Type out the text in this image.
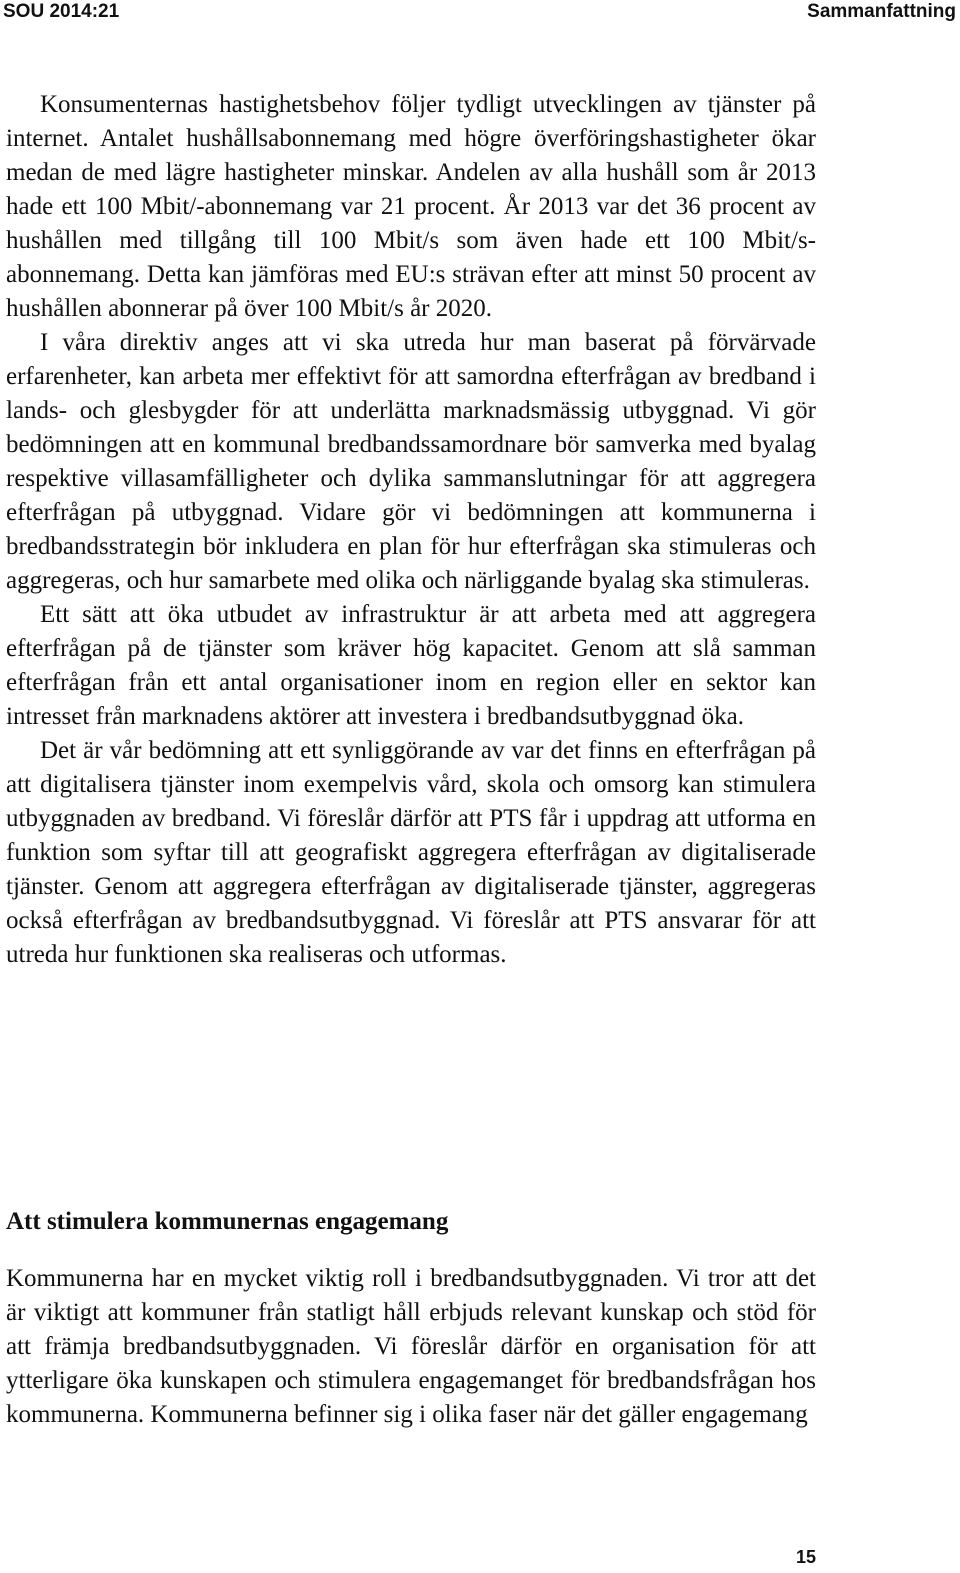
SOU 2014:21	Sammanfattning

Konsumenternas hastighetsbehov följer tydligt utvecklingen av tjänster på internet. Antalet hushållsabonnemang med högre överföringshastigheter ökar medan de med lägre hastigheter minskar. Andelen av alla hushåll som år 2013 hade ett 100 Mbit/-abonnemang var 21 procent. År 2013 var det 36 procent av hushållen med tillgång till 100 Mbit/s som även hade ett 100 Mbit/s-abonnemang. Detta kan jämföras med EU:s strävan efter att minst 50 procent av hushållen abonnerar på över 100 Mbit/s år 2020.

I våra direktiv anges att vi ska utreda hur man baserat på förvärvade erfarenheter, kan arbeta mer effektivt för att samordna efterfrågan av bredband i lands- och glesbygder för att underlätta marknadsmässig utbyggnad. Vi gör bedömningen att en kommunal bredbandssamordnare bör samverka med byalag respektive villasamfälligheter och dylika sammanslutningar för att aggregera efterfrågan på utbyggnad. Vidare gör vi bedömningen att kommunerna i bredbandsstrategin bör inkludera en plan för hur efterfrågan ska stimuleras och aggregeras, och hur samarbete med olika och närliggande byalag ska stimuleras.

Ett sätt att öka utbudet av infrastruktur är att arbeta med att aggregera efterfrågan på de tjänster som kräver hög kapacitet. Genom att slå samman efterfrågan från ett antal organisationer inom en region eller en sektor kan intresset från marknadens aktörer att investera i bredbandsutbyggnad öka.

Det är vår bedömning att ett synliggörande av var det finns en efterfrågan på att digitalisera tjänster inom exempelvis vård, skola och omsorg kan stimulera utbyggnaden av bredband. Vi föreslår därför att PTS får i uppdrag att utforma en funktion som syftar till att geografiskt aggregera efterfrågan av digitaliserade tjänster. Genom att aggregera efterfrågan av digitaliserade tjänster, aggregeras också efterfrågan av bredbandsutbyggnad. Vi föreslår att PTS ansvarar för att utreda hur funktionen ska realiseras och utformas.

Att stimulera kommunernas engagemang

Kommunerna har en mycket viktig roll i bredbandsutbyggnaden. Vi tror att det är viktigt att kommuner från statligt håll erbjuds relevant kunskap och stöd för att främja bredbandsutbyggnaden. Vi föreslår därför en organisation för att ytterligare öka kunskapen och stimulera engagemanget för bredbandsfrågan hos kommunerna. Kommunerna befinner sig i olika faser när det gäller engagemang

15
